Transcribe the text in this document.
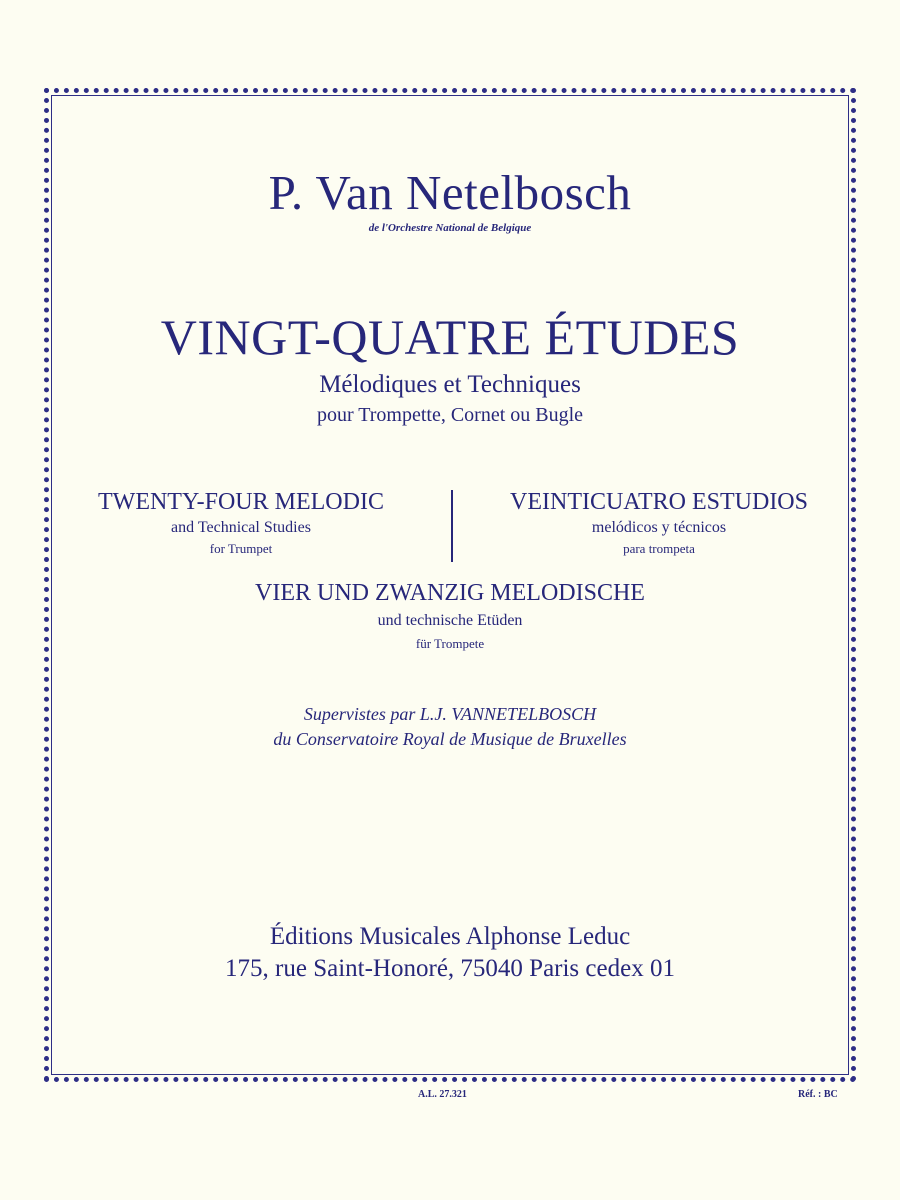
P. Van Netelbosch
de l'Orchestre National de Belgique
VINGT-QUATRE ÉTUDES
Mélodiques et Techniques
pour Trompette, Cornet ou Bugle
TWENTY-FOUR MELODIC
and Technical Studies
for Trumpet
VEINTICUATRO ESTUDIOS
melódicos y técnicos
para trompeta
VIER UND ZWANZIG MELODISCHE
und technische Etüden
für Trompete
Supervistes par L.J. VANNETELBOSCH
du Conservatoire Royal de Musique de Bruxelles
Éditions Musicales Alphonse Leduc
175, rue Saint-Honoré, 75040 Paris cedex 01
A.L. 27.321	Réf. : BC
